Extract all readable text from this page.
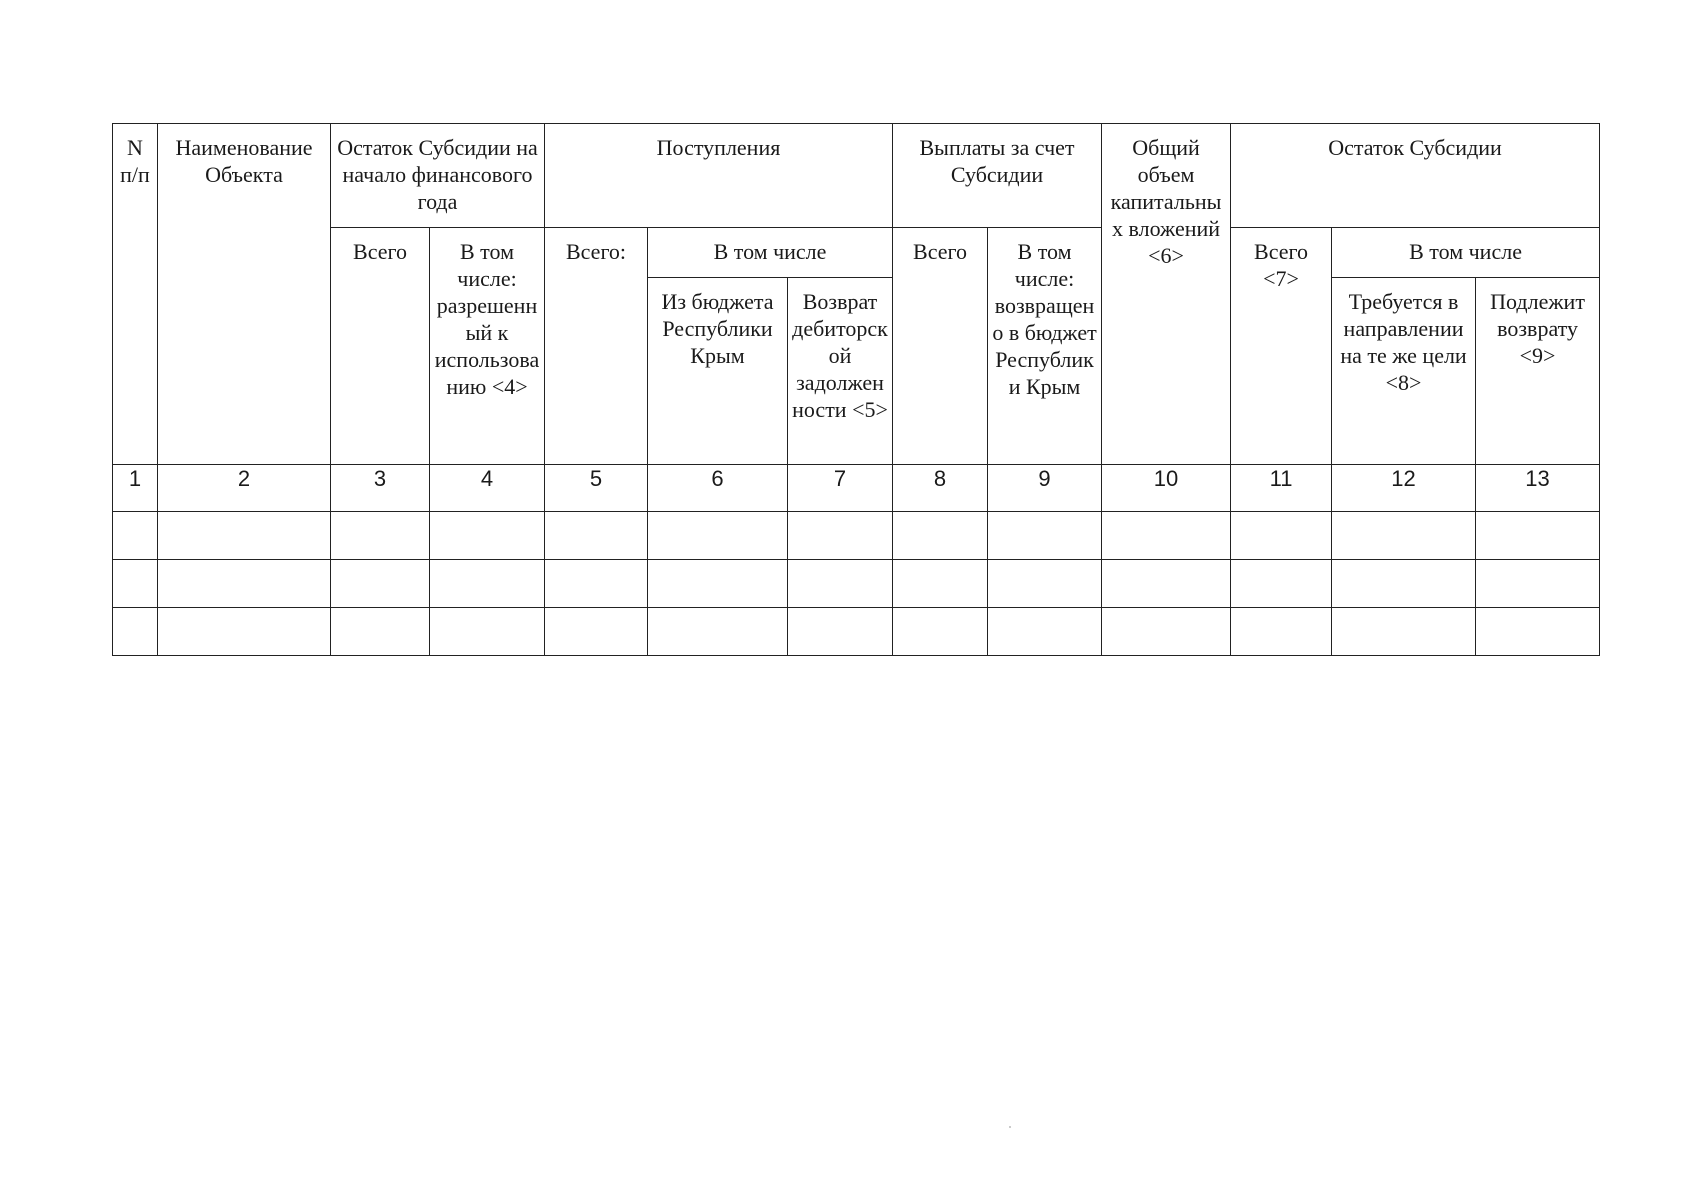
N п/п	Наименование Объекта	Остаток Субсидии на начало финансового года		Поступления			Выплаты за счет Субсидии		Общий объем капитальных вложений <6>	Остаток Субсидии		

		Всего	В том числе: разрешенный к использованию <4>	Всего:	В том числе		Всего	В том числе: возвращено в бюджет Республики Крым		Всего <7>	В том числе	

					Из бюджета Республики Крым	Возврат дебиторской задолженности <5>					Требуется в направлении на те же цели <8>	Подлежит возврату <9>

1	2	3	4	5	6	7	8	9	10	11	12	13
